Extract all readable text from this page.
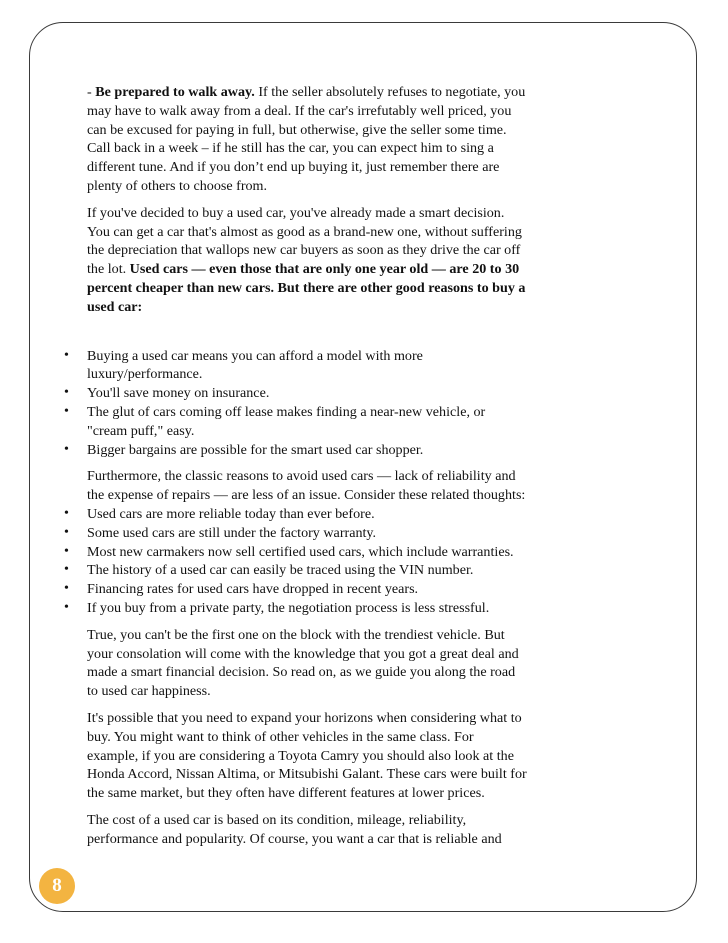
- Be prepared to walk away. If the seller absolutely refuses to negotiate, you may have to walk away from a deal. If the car's irrefutably well priced, you can be excused for paying in full, but otherwise, give the seller some time. Call back in a week – if he still has the car, you can expect him to sing a different tune. And if you don’t end up buying it, just remember there are plenty of others to choose from.

If you've decided to buy a used car, you've already made a smart decision. You can get a car that's almost as good as a brand-new one, without suffering the depreciation that wallops new car buyers as soon as they drive the car off the lot. Used cars — even those that are only one year old — are 20 to 30 percent cheaper than new cars. But there are other good reasons to buy a used car:

• Buying a used car means you can afford a model with more luxury/performance.
• You'll save money on insurance.
• The glut of cars coming off lease makes finding a near-new vehicle, or "cream puff," easy.
• Bigger bargains are possible for the smart used car shopper.

Furthermore, the classic reasons to avoid used cars — lack of reliability and the expense of repairs — are less of an issue. Consider these related thoughts:

• Used cars are more reliable today than ever before.
• Some used cars are still under the factory warranty.
• Most new carmakers now sell certified used cars, which include warranties.
• The history of a used car can easily be traced using the VIN number.
• Financing rates for used cars have dropped in recent years.
• If you buy from a private party, the negotiation process is less stressful.

True, you can't be the first one on the block with the trendiest vehicle. But your consolation will come with the knowledge that you got a great deal and made a smart financial decision. So read on, as we guide you along the road to used car happiness.

It's possible that you need to expand your horizons when considering what to buy. You might want to think of other vehicles in the same class. For example, if you are considering a Toyota Camry you should also look at the Honda Accord, Nissan Altima, or Mitsubishi Galant. These cars were built for the same market, but they often have different features at lower prices.

The cost of a used car is based on its condition, mileage, reliability, performance and popularity. Of course, you want a car that is reliable and

8
